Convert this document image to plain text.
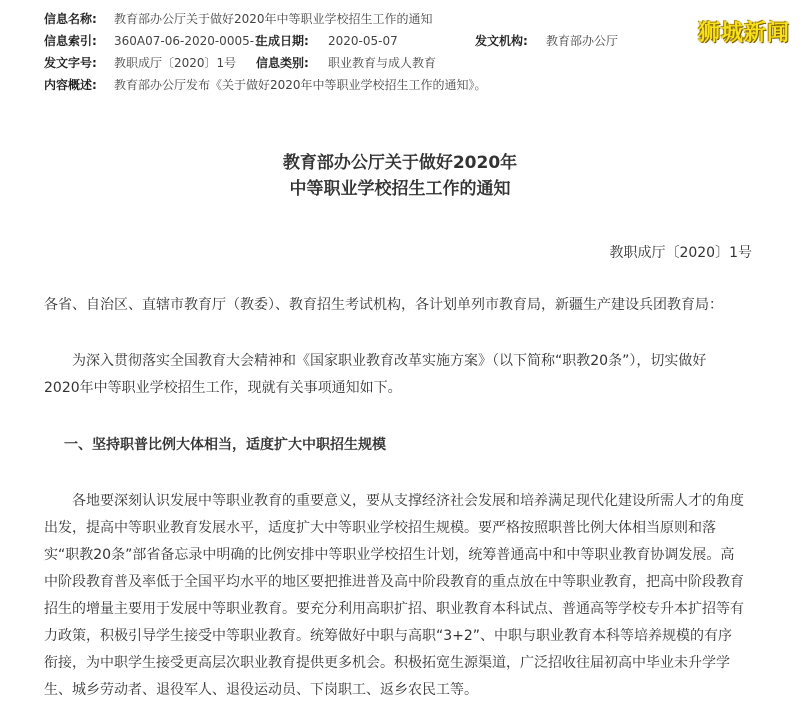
信息名称: 教育部办公厅关于做好2020年中等职业学校招生工作的通知
信息索引: 360A07-06-2020-0005-1
生成日期: 2020-05-07	发文机构: 教育部办公厅
发文字号: 教职成厅〔2020〕1号 信息类别: 职业教育与成人教育
内容概述: 教育部办公厅发布《关于做好2020年中等职业学校招生工作的通知》。
狮城新闻
教育部办公厅关于做好2020年
中等职业学校招生工作的通知
教职成厅〔2020〕1号
各省、自治区、直辖市教育厅（教委）、教育招生考试机构，各计划单列市教育局，新疆生产建设兵团教育局：
为深入贯彻落实全国教育大会精神和《国家职业教育改革实施方案》（以下简称“职教20条”），切实做好
2020年中等职业学校招生工作，现就有关事项通知如下。
一、坚持职普比例大体相当，适度扩大中职招生规模
各地要深刻认识发展中等职业教育的重要意义，要从支撑经济社会发展和培养满足现代化建设所需人才的角度
出发，提高中等职业教育发展水平，适度扩大中等职业学校招生规模。要严格按照职普比例大体相当原则和落
实“职教20条”部省备忘录中明确的比例安排中等职业学校招生计划，统筹普通高中和中等职业教育协调发展。高
中阶段教育普及率低于全国平均水平的地区要把推进普及高中阶段教育的重点放在中等职业教育，把高中阶段教育
招生的增量主要用于发展中等职业教育。要充分利用高职扩招、职业教育本科试点、普通高等学校专升本扩招等有
力政策，积极引导学生接受中等职业教育。统筹做好中职与高职“3+2”、中职与职业教育本科等培养规模的有序
衔接，为中职学生接受更高层次职业教育提供更多机会。积极拓宽生源渠道，广泛招收往届初高中毕业未升学学
生、城乡劳动者、退役军人、退役运动员、下岗职工、返乡农民工等。
